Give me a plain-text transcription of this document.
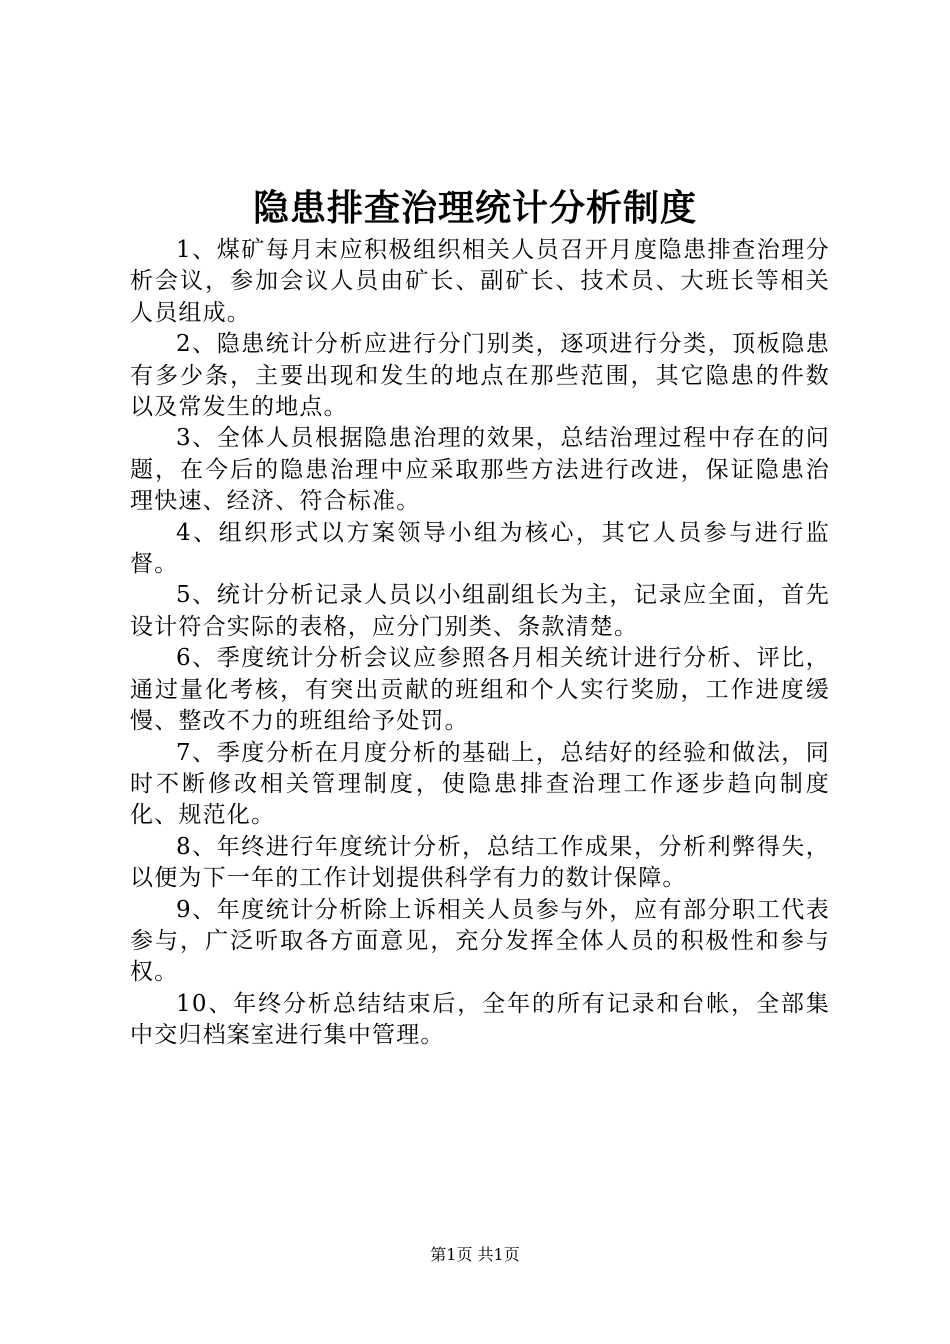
隐患排查治理统计分析制度

1、煤矿每月末应积极组织相关人员召开月度隐患排查治理分析会议，参加会议人员由矿长、副矿长、技术员、大班长等相关人员组成。

2、隐患统计分析应进行分门别类，逐项进行分类，顶板隐患有多少条，主要出现和发生的地点在那些范围，其它隐患的件数以及常发生的地点。

3、全体人员根据隐患治理的效果，总结治理过程中存在的问题，在今后的隐患治理中应采取那些方法进行改进，保证隐患治理快速、经济、符合标准。

4、组织形式以方案领导小组为核心，其它人员参与进行监督。

5、统计分析记录人员以小组副组长为主，记录应全面，首先设计符合实际的表格，应分门别类、条款清楚。

6、季度统计分析会议应参照各月相关统计进行分析、评比，通过量化考核，有突出贡献的班组和个人实行奖励，工作进度缓慢、整改不力的班组给予处罚。

7、季度分析在月度分析的基础上，总结好的经验和做法，同时不断修改相关管理制度，使隐患排查治理工作逐步趋向制度化、规范化。

8、年终进行年度统计分析，总结工作成果，分析利弊得失，以便为下一年的工作计划提供科学有力的数计保障。

9、年度统计分析除上诉相关人员参与外，应有部分职工代表参与，广泛听取各方面意见，充分发挥全体人员的积极性和参与权。

10、年终分析总结结束后，全年的所有记录和台帐，全部集中交归档案室进行集中管理。

第1页 共1页
